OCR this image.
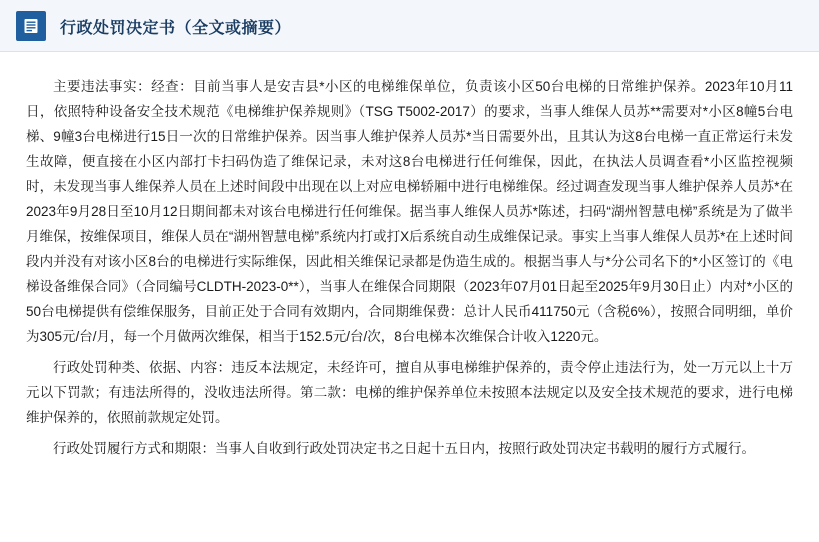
行政处罚决定书（全文或摘要）

主要违法事实：经查：目前当事人是安吉县*小区的电梯维保单位，负责该小区50台电梯的日常维护保养。2023年10月11日，依照特种设备安全技术规范《电梯维护保养规则》（TSG T5002-2017）的要求，当事人维保人员苏**需要对*小区8幢5台电梯、9幢3台电梯进行15日一次的日常维护保养。因当事人维护保养人员苏*当日需要外出，且其认为这8台电梯一直正常运行未发生故障，便直接在小区内部打卡扫码伪造了维保记录，未对这8台电梯进行任何维保，因此，在执法人员调查看*小区监控视频时，未发现当事人维保养人员在上述时间段中出现在以上对应电梯轿厢中进行电梯维保。经过调查发现当事人维护保养人员苏*在2023年9月28日至10月12日期间都未对该台电梯进行任何维保。据当事人维保人员苏*陈述，扫码“湖州智慧电梯”系统是为了做半月维保，按维保项目，维保人员在“湖州智慧电梯”系统内打或打X后系统自动生成维保记录。事实上当事人维保人员苏*在上述时间段内并没有对该小区8台的电梯进行实际维保，因此相关维保记录都是伪造生成的。根据当事人与*分公司名下的*小区签订的《电梯设备维保合同》（合同编号CLDTH-2023-0**），当事人在维保合同期限（2023年07月01日起至2025年9月30日止）内对*小区的50台电梯提供有偿维保服务，目前正处于合同有效期内，合同期维保费：总计人民币411750元（含税6%），按照合同明细，单价为305元/台/月，每一个月做两次维保，相当于152.5元/台/次，8台电梯本次维保合计收入1220元。

行政处罚种类、依据、内容：违反本法规定，未经许可，擅自从事电梯维护保养的，责令停止违法行为，处一万元以上十万元以下罚款；有违法所得的，没收违法所得。第二款：电梯的维护保养单位未按照本法规定以及安全技术规范的要求，进行电梯维护保养的，依照前款规定处罚。

行政处罚履行方式和期限：当事人自收到行政处罚决定书之日起十五日内，按照行政处罚决定书载明的履行方式履行。
